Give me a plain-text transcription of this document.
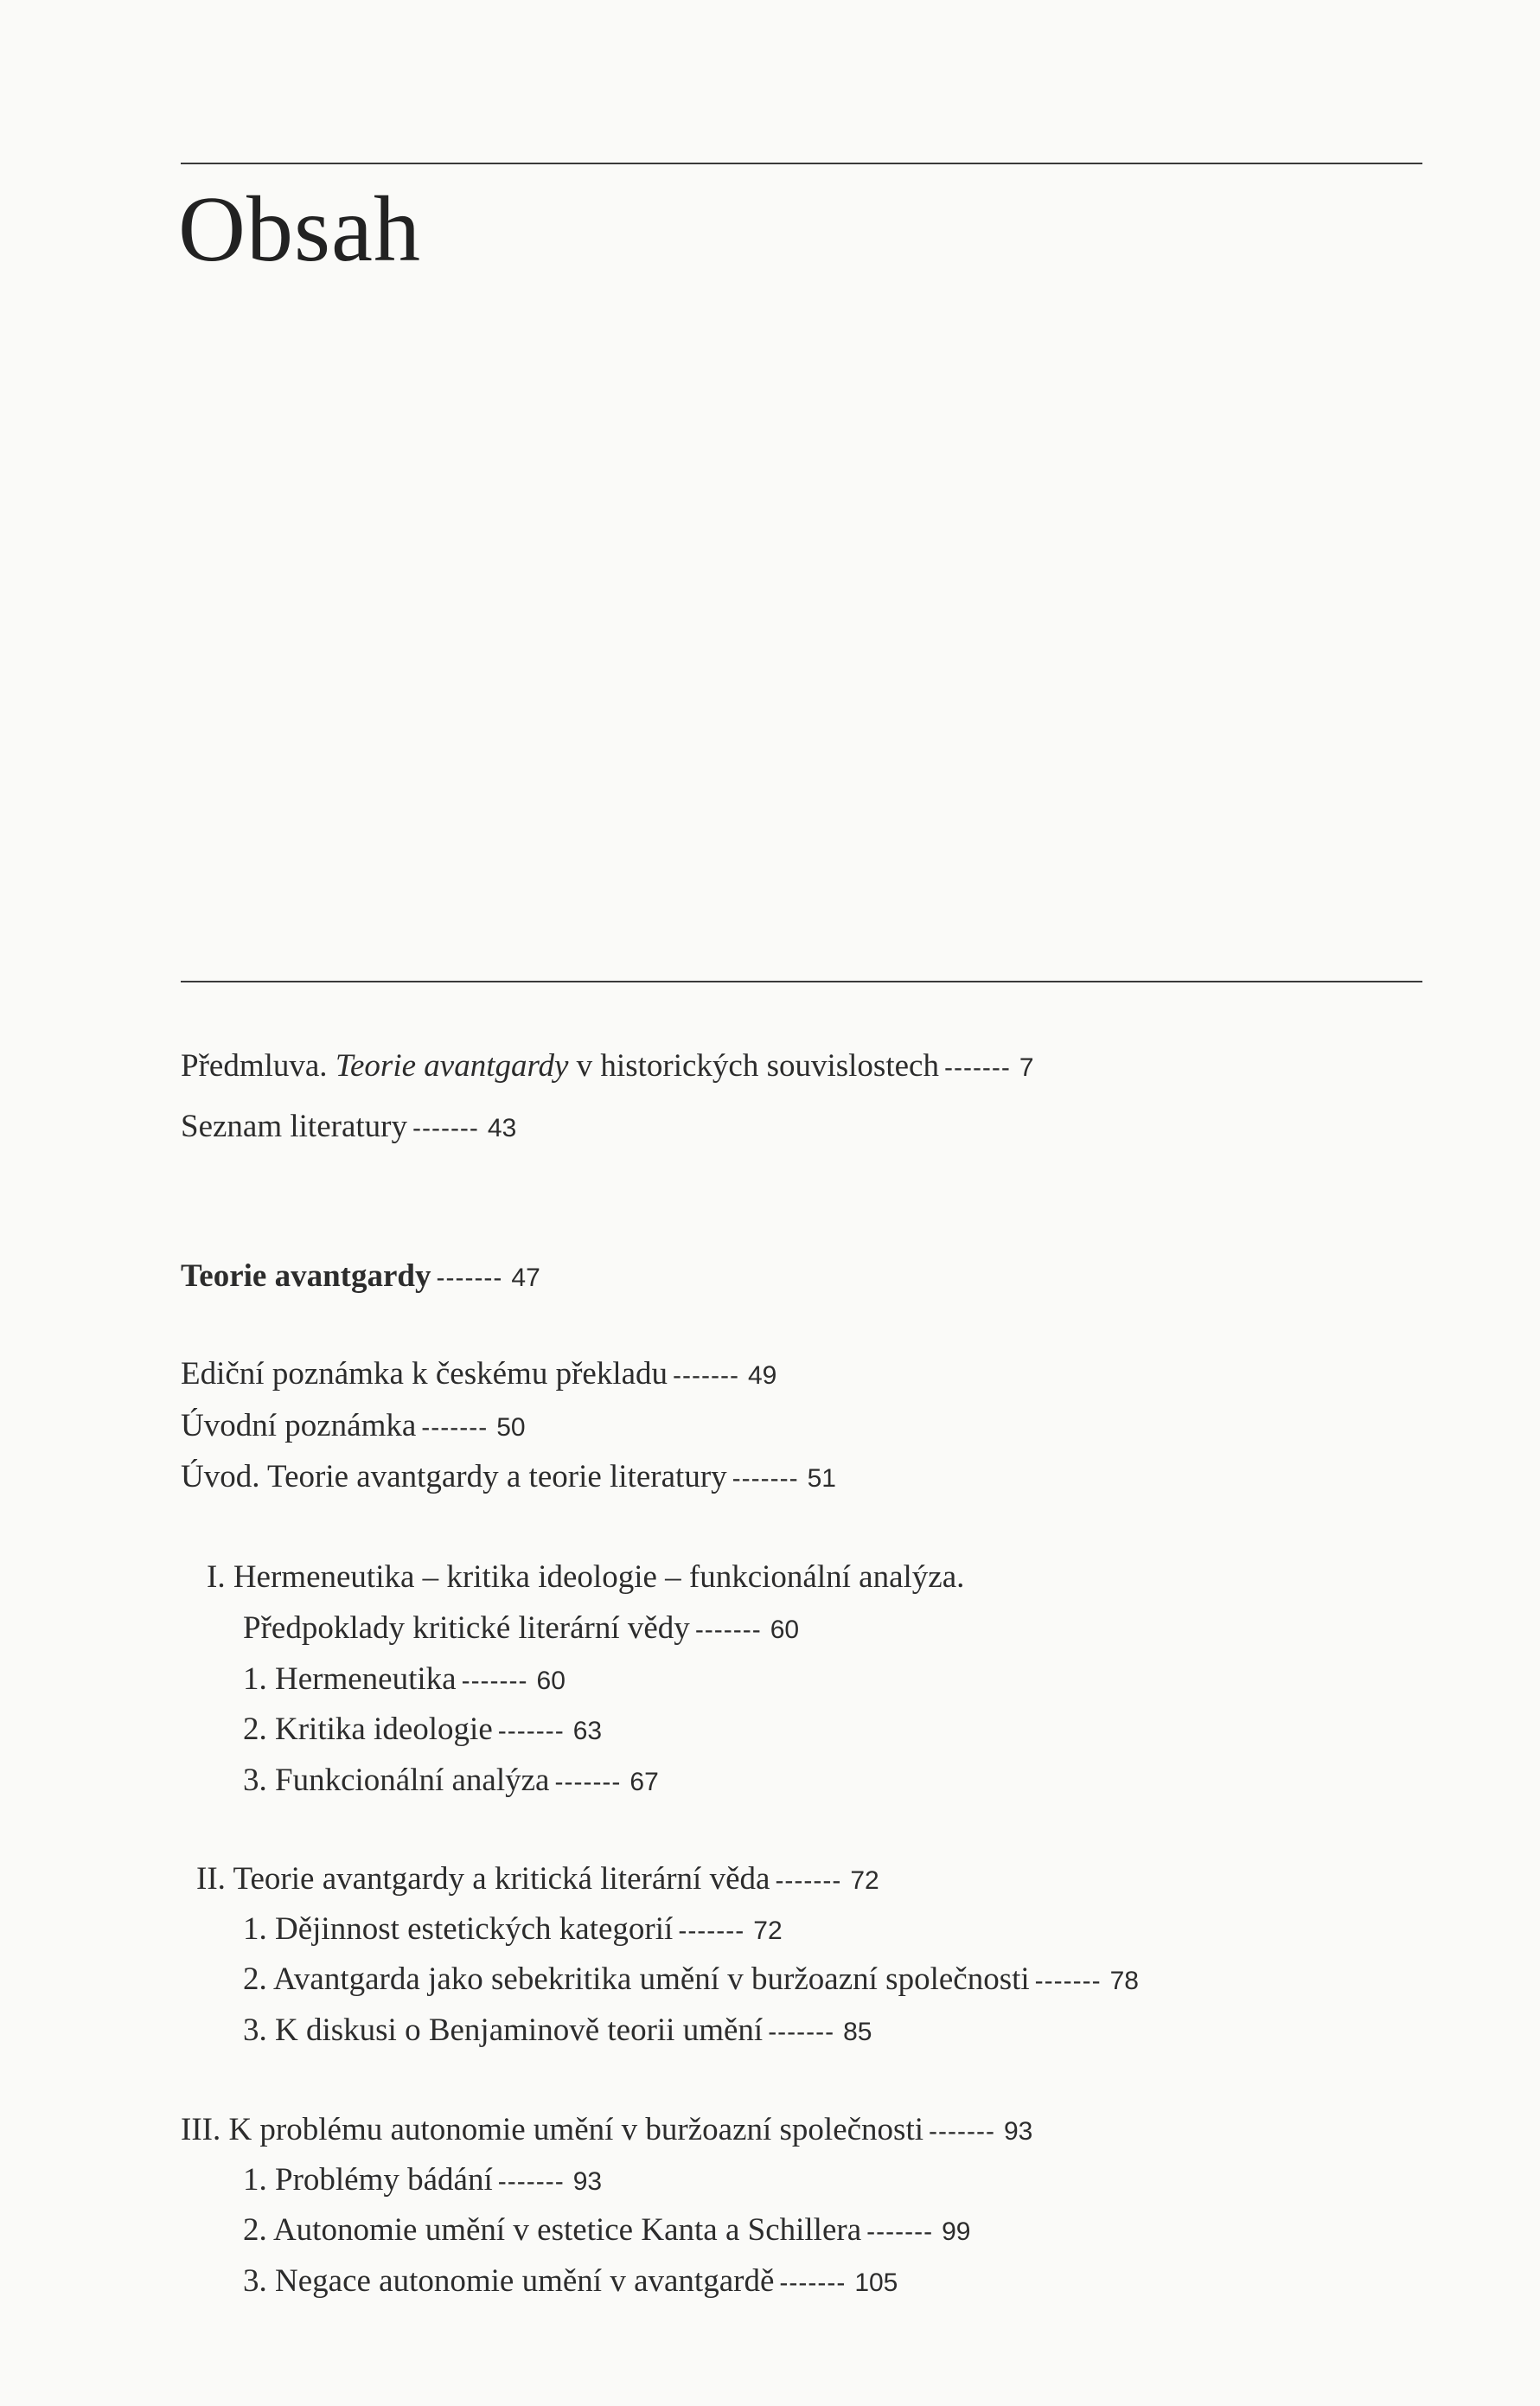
Obsah
Předmluva. Teorie avantgardy v historických souvislostech ------- 7
Seznam literatury ------- 43
Teorie avantgardy ------- 47
Ediční poznámka k českému překladu ------- 49
Úvodní poznámka ------- 50
Úvod. Teorie avantgardy a teorie literatury ------- 51
I. Hermeneutika – kritika ideologie – funkcionální analýza.
Předpoklady kritické literární vědy ------- 60
1. Hermeneutika ------- 60
2. Kritika ideologie ------- 63
3. Funkcionální analýza ------- 67
II. Teorie avantgardy a kritická literární věda ------- 72
1. Dějinnost estetických kategorií ------- 72
2. Avantgarda jako sebekritika umění v buržoazní společnosti ------- 78
3. K diskusi o Benjaminově teorii umění ------- 85
III. K problému autonomie umění v buržoazní společnosti ------- 93
1. Problémy bádání ------- 93
2. Autonomie umění v estetice Kanta a Schillera ------- 99
3. Negace autonomie umění v avantgardě ------- 105
